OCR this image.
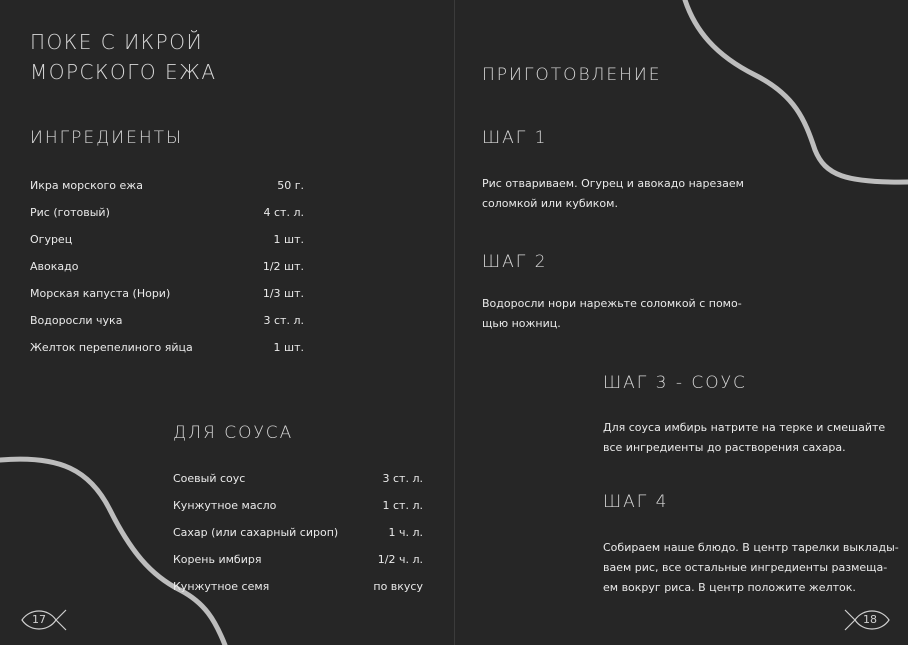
ПОКЕ С ИКРОЙ
МОРСКОГО ЕЖА
ИНГРЕДИЕНТЫ
Икра морского ежа	50 г.
Рис (готовый)	4 ст. л.
Огурец	1 шт.
Авокадо	1/2 шт.
Морская капуста (Нори)	1/3 шт.
Водоросли чука	3 ст. л.
Желток перепелиного яйца	1 шт.
ДЛЯ СОУСА
Соевый соус	3 ст. л.
Кунжутное масло	1 ст. л.
Сахар (или сахарный сироп)	1 ч. л.
Корень имбиря	1/2 ч. л.
Кунжутное семя	по вкусу
17
ПРИГОТОВЛЕНИЕ
ШАГ 1

Рис отвариваем. Огурец и авокадо нарезаем
соломкой или кубиком.

ШАГ 2

Водоросли нори нарежьте соломкой с помо-
щью ножниц.

ШАГ 3 - СОУС

Для соуса имбирь натрите на терке и смешайте
все ингредиенты до растворения сахара.

ШАГ 4

Собираем наше блюдо. В центр тарелки выклады-
ваем рис, все остальные ингредиенты размеща-
ем вокруг риса. В центр положите желток.

18
